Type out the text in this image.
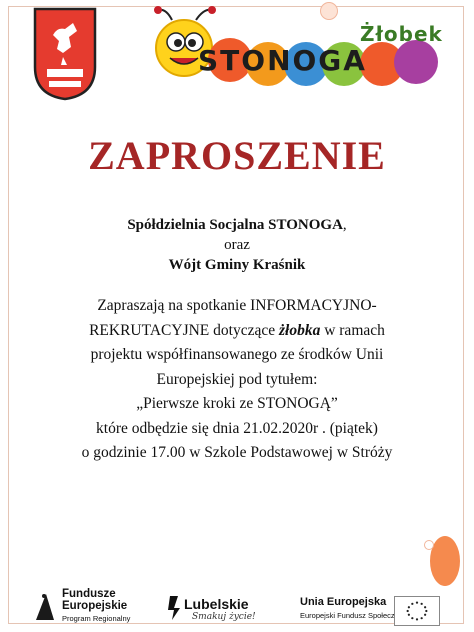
Żłobek
STONOGA
ZAPROSZENIE
Spółdzielnia Socjalna STONOGA,
oraz
Wójt Gminy Kraśnik
Zapraszają na spotkanie INFORMACYJNO-
REKRUTACYJNE dotyczące żłobka w ramach
projektu współfinansowanego ze środków Unii
Europejskiej pod tytułem:
„Pierwsze kroki ze STONOGĄ”
które odbędzie się dnia 21.02.2020r . (piątek)
o godzinie 17.00 w Szkole Podstawowej w Stróży
Fundusze
Europejskie
Program Regionalny
Lubelskie
Smakuj życie!
Unia Europejska
Europejski Fundusz Społeczny
